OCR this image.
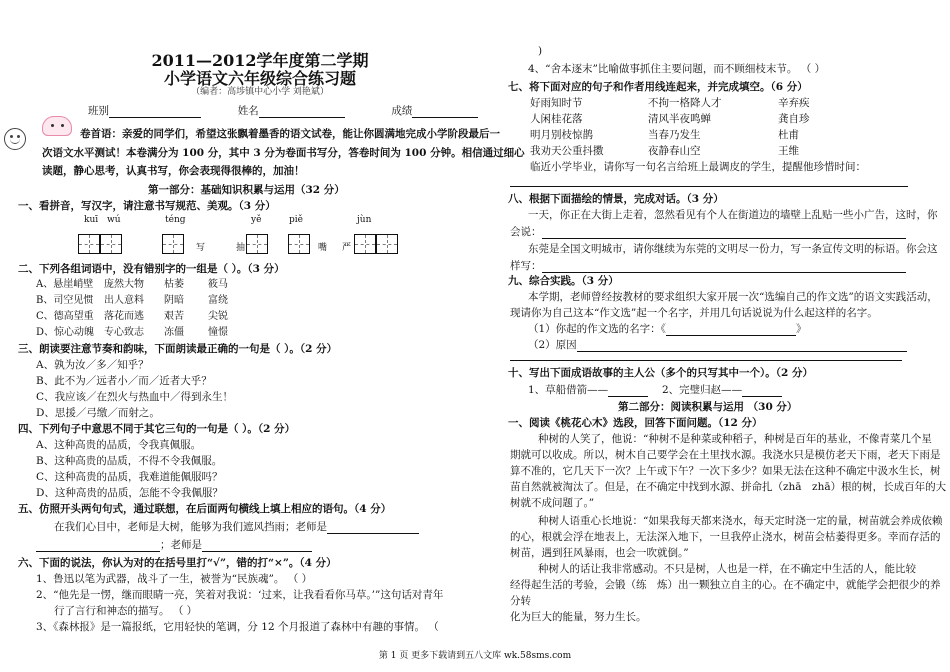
2011—2012学年度第二学期
小学语文六年级综合练习题
（编者：高埗镇中心小学 刘艳斌）
班别	姓名	成绩
卷首语：亲爱的同学们，希望这张飘着墨香的语文试卷，能让你圆满地完成小学阶段最后一
次语文水平测试！本卷满分为 100 分，其中 3 分为卷面书写分，答卷时间为 100 分钟。相信通过细心
读题，静心思考，认真书写，你会表现得很棒的，加油！
第一部分：基础知识积累与运用（32 分）
一、看拼音，写汉字，请注意书写规范、美观。（3 分）
kuī wú	téng	yě	piě	jùn
写	抽	嘴 严
二、下列各组词语中，没有错别字的一组是（ ）。（3 分）
A、悬崖峭壁 庞然大物 枯萎 筱马
B、司空见惯 出人意料 阴暗 富绕
C、德高望重 落花而逃 艰苦 尖锐
D、惊心动魄 专心致志 冻僵 憧憬
三、朗读要注意节奏和韵味，下面朗读最正确的一句是（ ）。（2 分）
A、孰为汝／多／知乎？
B、此不为／远者小／而／近者大乎？
C、我应该／在烈火与热血中／得到永生！
D、思援／弓缴／而射之。
四、下列句子中意思不同于其它三句的一句是（ ）。（2 分）
A、这种高贵的品质，令我真佩服。
B、这种高贵的品质，不得不令我佩服。
C、这种高贵的品质，我难道能佩服吗？
D、这种高贵的品质，怎能不令我佩服？
五、仿照开头两句句式，通过联想，在后面两句横线上填上相应的语句。（4 分）
在我们心目中，老师是大树，能够为我们遮风挡雨；老师是
；老师是
六、下面的说法，你认为对的在括号里打“√”，错的打“×”。（4 分）
1、鲁迅以笔为武器，战斗了一生，被誉为“民族魂”。 （ ）
2、“他先是一愣，继而眼睛一亮，笑着对我说：‘过来，让我看看你马草。’”这句话对青年
行了言行和神态的描写。 （ ）
3、《森林报》是一篇报纸，它用轻快的笔调，分 12 个月报道了森林中有趣的事情。 （
)
4、“舍本逐末”比喻做事抓住主要问题，而不顾细枝末节。 （ ）
七、将下面对应的句子和作者用线连起来，并完成填空。（6 分）
好雨知时节	不拘一格降人才	辛弃疾
人闲桂花落	清风半夜鸣蝉	龚自珍
明月别枝惊鹊	当春乃发生	杜甫
我劝天公重抖擞	夜静春山空	王维
临近小学毕业，请你写一句名言给班上最调皮的学生，提醒他珍惜时间：
八、根据下面描绘的情景，完成对话。（3 分）
一天，你正在大街上走着，忽然看见有个人在街道边的墙壁上乱贴一些小广告，这时，你
会说：
东莞是全国文明城市，请你继续为东莞的文明尽一份力，写一条宣传文明的标语。你会这
样写：
九、综合实践。（3 分）
本学期，老师曾经按教材的要求组织大家开展一次“选编自己的作文选”的语文实践活动，
现请你为自己这本“作文选”起一个名字，并用几句话说说为什么起这样的名字。
（1）你起的作文选的名字：《	》
（2）原因
十、写出下面成语故事的主人公（多个的只写其中一个）。（2 分）
1、草船借箭——	2、完璧归赵——
第二部分：阅读积累与运用 （30 分）
一、阅读《桃花心木》选段，回答下面问题。（12 分）
种树的人笑了，他说：“种树不是种菜或种稻子，种树是百年的基业，不像青菜几个星
期就可以收成。所以，树木自己要学会在土里找水源。我浇水只是模仿老天下雨，老天下雨是
算不准的，它几天下一次？上午或下午？一次下多少？如果无法在这种不确定中汲水生长，树
苗自然就被淘汰了。但是，在不确定中找到水源、拼命扎（zhā　zhā）根的树，长成百年的大
树就不成问题了。”
种树人语重心长地说：“如果我每天都来浇水，每天定时浇一定的量，树苗就会养成依赖
的心，根就会浮在地表上，无法深入地下，一旦我停止浇水，树苗会枯萎得更多。幸而存活的
树苗，遇到狂风暴雨，也会一吹就倒。”
种树人的话让我非常感动。不只是树，人也是一样，在不确定中生活的人，能比较
经得起生活的考验，会锻（练　炼）出一颗独立自主的心。在不确定中，就能学会把很少的养
分转
化为巨大的能量，努力生长。
第 1 页 更多下载请到五八文库 wk.58sms.com
